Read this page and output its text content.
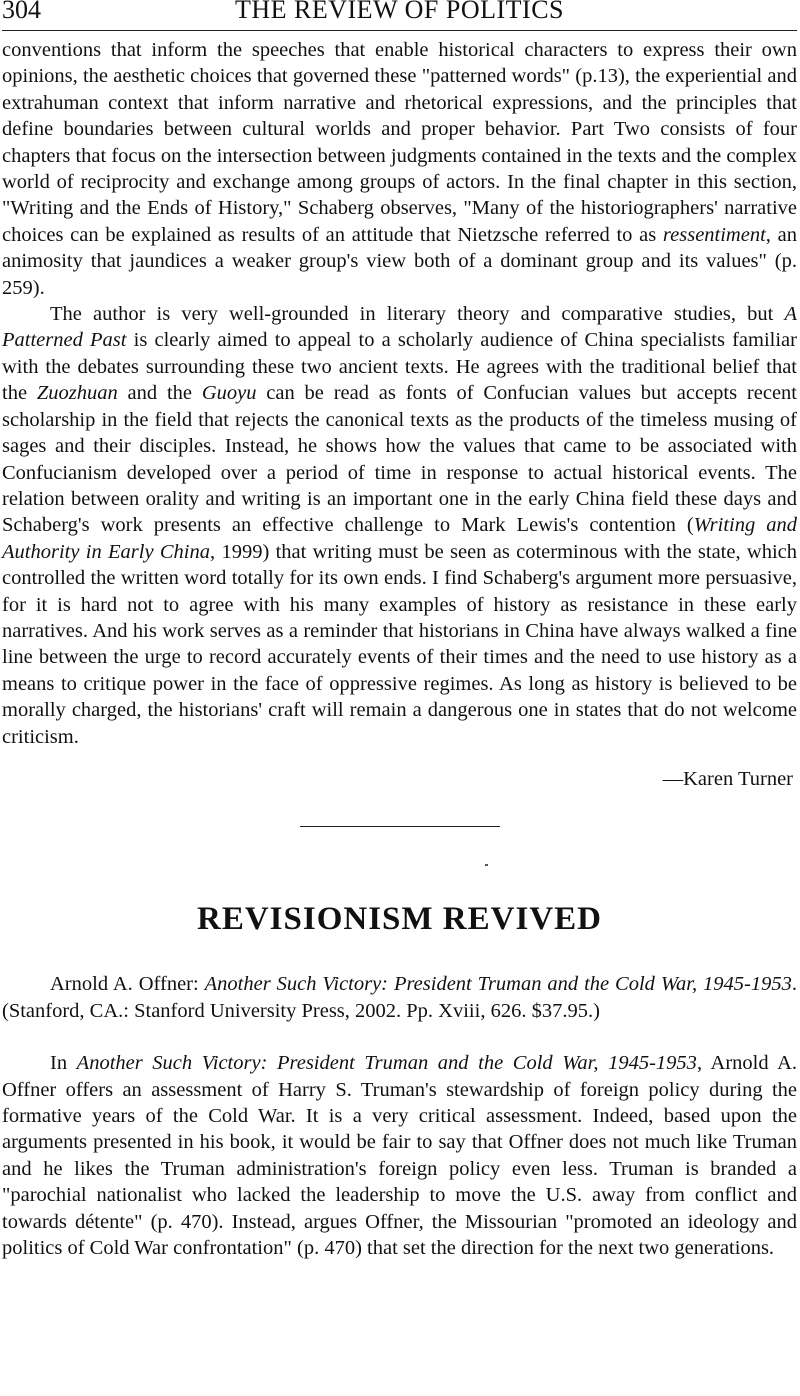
304	THE REVIEW OF POLITICS

conventions that inform the speeches that enable historical characters to express their own opinions, the aesthetic choices that governed these "patterned words" (p.13), the experiential and extrahuman context that inform narrative and rhetorical expressions, and the principles that define boundaries between cultural worlds and proper behavior. Part Two consists of four chapters that focus on the intersection between judgments contained in the texts and the complex world of reciprocity and exchange among groups of actors. In the final chapter in this section, "Writing and the Ends of History," Schaberg observes, "Many of the historiographers' narrative choices can be explained as results of an attitude that Nietzsche referred to as ressentiment, an animosity that jaundices a weaker group's view both of a dominant group and its values" (p. 259).

The author is very well-grounded in literary theory and comparative studies, but A Patterned Past is clearly aimed to appeal to a scholarly audience of China specialists familiar with the debates surrounding these two ancient texts. He agrees with the traditional belief that the Zuozhuan and the Guoyu can be read as fonts of Confucian values but accepts recent scholarship in the field that rejects the canonical texts as the products of the timeless musing of sages and their disciples. Instead, he shows how the values that came to be associated with Confucianism developed over a period of time in response to actual historical events. The relation between orality and writing is an important one in the early China field these days and Schaberg's work presents an effective challenge to Mark Lewis's contention (Writing and Authority in Early China, 1999) that writing must be seen as coterminous with the state, which controlled the written word totally for its own ends. I find Schaberg's argument more persuasive, for it is hard not to agree with his many examples of history as resistance in these early narratives. And his work serves as a reminder that historians in China have always walked a fine line between the urge to record accurately events of their times and the need to use history as a means to critique power in the face of oppressive regimes. As long as history is believed to be morally charged, the historians' craft will remain a dangerous one in states that do not welcome criticism.

—Karen Turner

REVISIONISM REVIVED

Arnold A. Offner: Another Such Victory: President Truman and the Cold War, 1945-1953. (Stanford, CA.: Stanford University Press, 2002. Pp. Xviii, 626. $37.95.)

In Another Such Victory: President Truman and the Cold War, 1945-1953, Arnold A. Offner offers an assessment of Harry S. Truman's stewardship of foreign policy during the formative years of the Cold War. It is a very critical assessment. Indeed, based upon the arguments presented in his book, it would be fair to say that Offner does not much like Truman and he likes the Truman administration's foreign policy even less. Truman is branded a "parochial nationalist who lacked the leadership to move the U.S. away from conflict and towards détente" (p. 470). Instead, argues Offner, the Missourian "promoted an ideology and politics of Cold War confrontation" (p. 470) that set the direction for the next two generations.
